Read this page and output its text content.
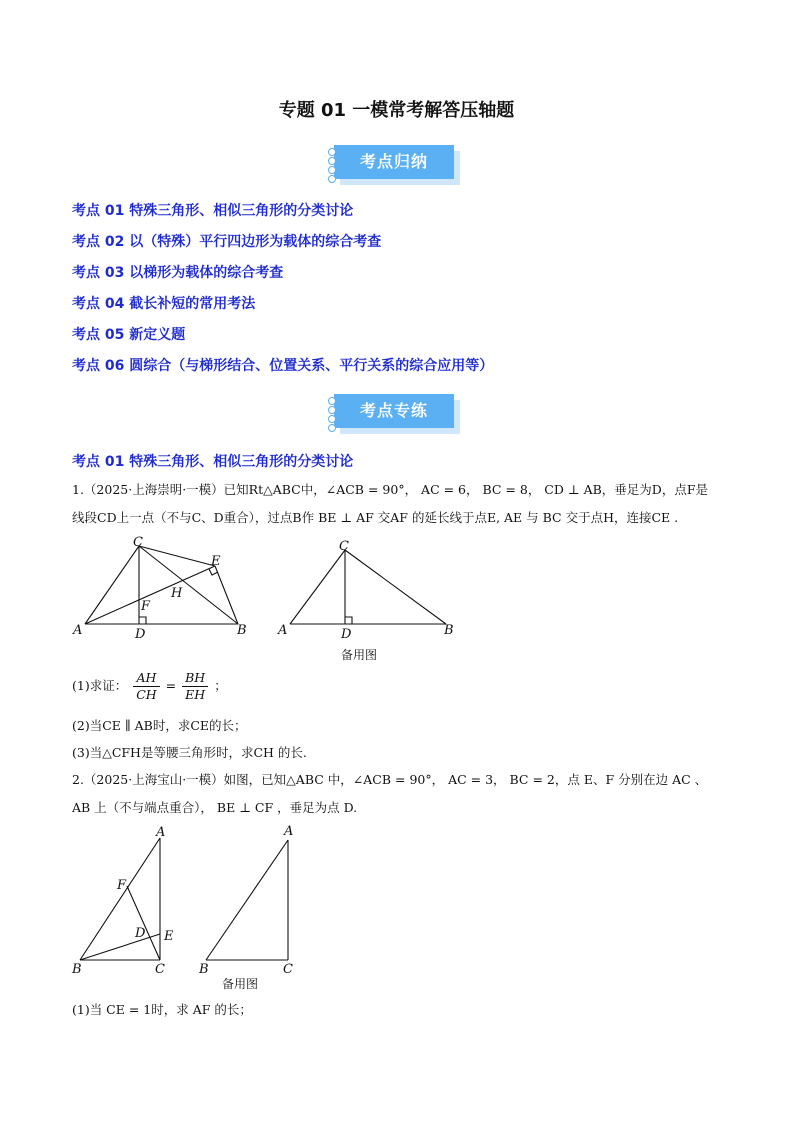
专题 01 一模常考解答压轴题
考点归纳
考点 01 特殊三角形、相似三角形的分类讨论
考点 02 以（特殊）平行四边形为载体的综合考查
考点 03 以梯形为载体的综合考查
考点 04 截长补短的常用考法
考点 05 新定义题
考点 06 圆综合（与梯形结合、位置关系、平行关系的综合应用等）
考点专练
考点 01 特殊三角形、相似三角形的分类讨论
1.（2025·上海崇明·一模）已知Rt△ABC中，∠ACB = 90°， AC = 6， BC = 8， CD ⊥ AB，垂足为D，点F是
线段CD上一点（不与C、D重合），过点B作 BE ⊥ AF 交AF 的延长线于点E, AE 与 BC 交于点H，连接CE .
C
E
H
F
A	D	B
C
A	D	B
备用图
(1)求证： $\frac{AH}{CH} = \frac{BH}{EH}$ ；
(2)当CE ∥ AB时，求CE的长；
(3)当△CFH是等腰三角形时，求CH 的长.
2.（2025·上海宝山·一模）如图，已知△ABC 中，∠ACB = 90°， AC = 3， BC = 2，点 E、F 分别在边 AC 、
AB 上（不与端点重合）， BE ⊥ CF ，垂足为点 D.
A
F
D E
B	C
A
B	C
备用图
(1)当 CE = 1时，求 AF 的长；
